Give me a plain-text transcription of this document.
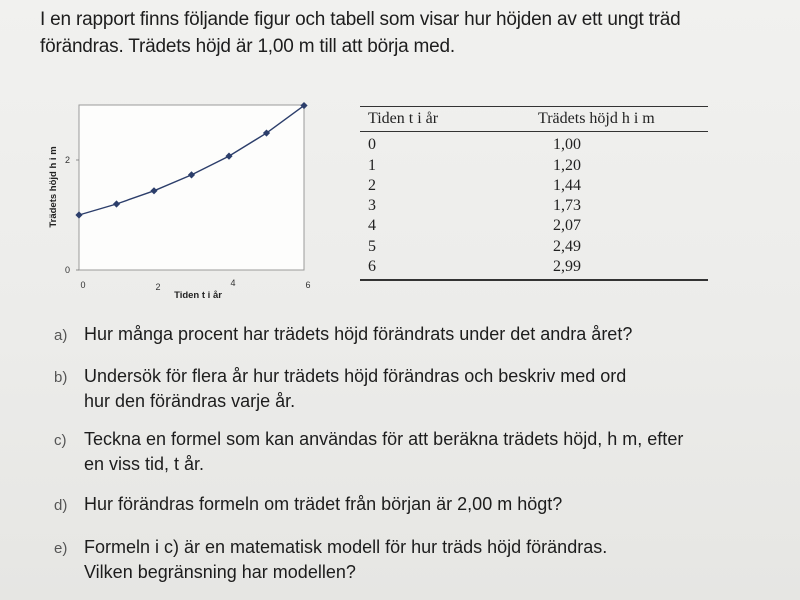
I en rapport finns följande figur och tabell som visar hur höjden av ett ungt träd
förändras. Trädets höjd är 1,00 m till att börja med.
0	2	4	6
0
2
Trädets höjd h i m
Tiden t i år
Tiden t i år	Trädets höjd h i m
0	1,00
1	1,20
2	1,44
3	1,73
4	2,07
5	2,49
6	2,99
a) Hur många procent har trädets höjd förändrats under det andra året?
b) Undersök för flera år hur trädets höjd förändras och beskriv med ord
hur den förändras varje år.
c) Teckna en formel som kan användas för att beräkna trädets höjd, h m, efter
en viss tid, t år.
d) Hur förändras formeln om trädet från början är 2,00 m högt?
e) Formeln i c) är en matematisk modell för hur träds höjd förändras.
Vilken begränsning har modellen?
